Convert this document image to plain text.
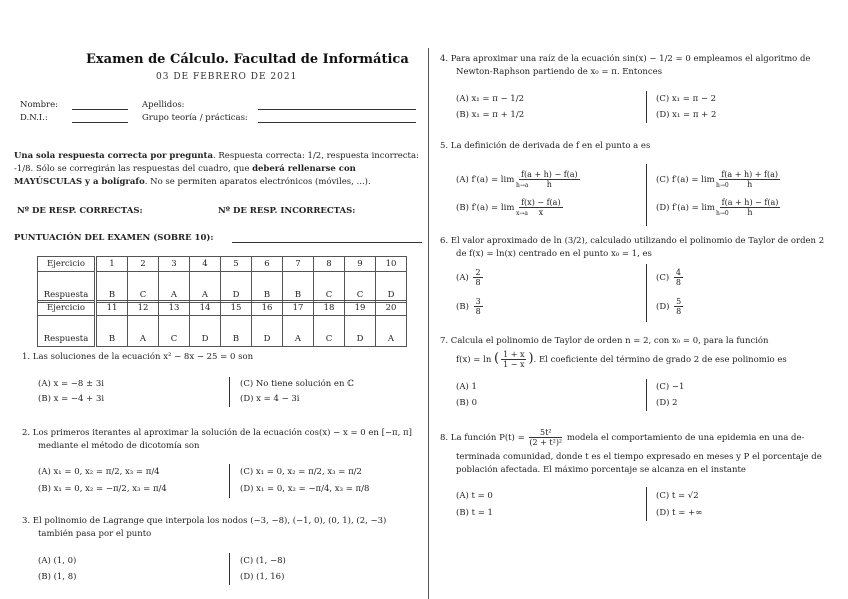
Examen de Cálculo. Facultad de Informática
03 DE FEBRERO DE 2021
Nombre:	Apellidos:
D.N.I.:	Grupo teoría / prácticas:
Una sola respuesta correcta por pregunta. Respuesta correcta: 1/2, respuesta incorrecta: -1/8. Sólo se corregirán las respuestas del cuadro, que deberá rellenarse con MAYÚSCULAS y a bolígrafo. No se permiten aparatos electrónicos (móviles, ...).
Nº DE RESP. CORRECTAS:	Nº DE RESP. INCORRECTAS:
PUNTUACIÓN DEL EXAMEN (SOBRE 10):
Ejercicio	1	2	3	4	5	6	7	8	9	10
Respuesta	B	C	A	A	D	B	B	C	C	D
Ejercicio	11	12	13	14	15	16	17	18	19	20
Respuesta	B	A	C	D	B	D	A	C	D	A
1. Las soluciones de la ecuación x² − 8x − 25 = 0 son
(A) x = −8 ± 3i
(B) x = −4 + 3i
(C) No tiene solución en ℂ
(D) x = 4 − 3i
2. Los primeros iterantes al aproximar la solución de la ecuación cos(x) − x = 0 en [−π, π]
mediante el método de dicotomía son
(A) x₁ = 0, x₂ = π/2, x₃ = π/4
(B) x₁ = 0, x₂ = −π/2, x₃ = π/4
(C) x₁ = 0, x₂ = π/2, x₃ = π/2
(D) x₁ = 0, x₂ = −π/4, x₃ = π/8
3. El polinomio de Lagrange que interpola los nodos (−3, −8), (−1, 0), (0, 1), (2, −3)
también pasa por el punto
(A) (1, 0)
(B) (1, 8)
(C) (1, −8)
(D) (1, 16)
4. Para aproximar una raíz de la ecuación sin(x) − 1/2 = 0 empleamos el algoritmo de
Newton-Raphson partiendo de x₀ = π. Entonces
(A) x₁ = π − 1/2
(B) x₁ = π + 1/2
(C) x₁ = π − 2
(D) x₁ = π + 2
5. La definición de derivada de f en el punto a es
(A) $f'(a) = \lim \frac{f(a + h) - f(a)}{h}$
h→a
(B) $f'(a) = \lim \frac{f(x) - f(a)}{x}$
x→a
(C) $f'(a) = \lim \frac{f(a + h) + f(a)}{h}$
h→0
(D) $f'(a) = \lim \frac{f(a + h) - f(a)}{h}$
h→0
6. El valor aproximado de ln (3/2), calculado utilizando el polinomio de Taylor de orden 2
de f(x) = ln(x) centrado en el punto x₀ = 1, es
$(A) \frac{2}{8}$
$(B) \frac{3}{8}$
$(C) \frac{4}{8}$
$(D) \frac{5}{8}$
7. Calcula el polinomio de Taylor de orden n = 2, con x₀ = 0, para la función
f(x) = ln ( $\frac{1 + x}{1 - x}$ ). El coeficiente del término de grado 2 de ese polinomio es
(A) 1
(B) 0
(C) −1
(D) 2
8. La función $P(t) = \frac{\text{5t²}}{\text{(2 + t²)²}}$ modela el comportamiento de una epidemia en una de-
terminada comunidad, donde t es el tiempo expresado en meses y P el porcentaje de
población afectada. El máximo porcentaje se alcanza en el instante
(A) t = 0
(B) t = 1
(C) t = √2
(D) t = +∞
